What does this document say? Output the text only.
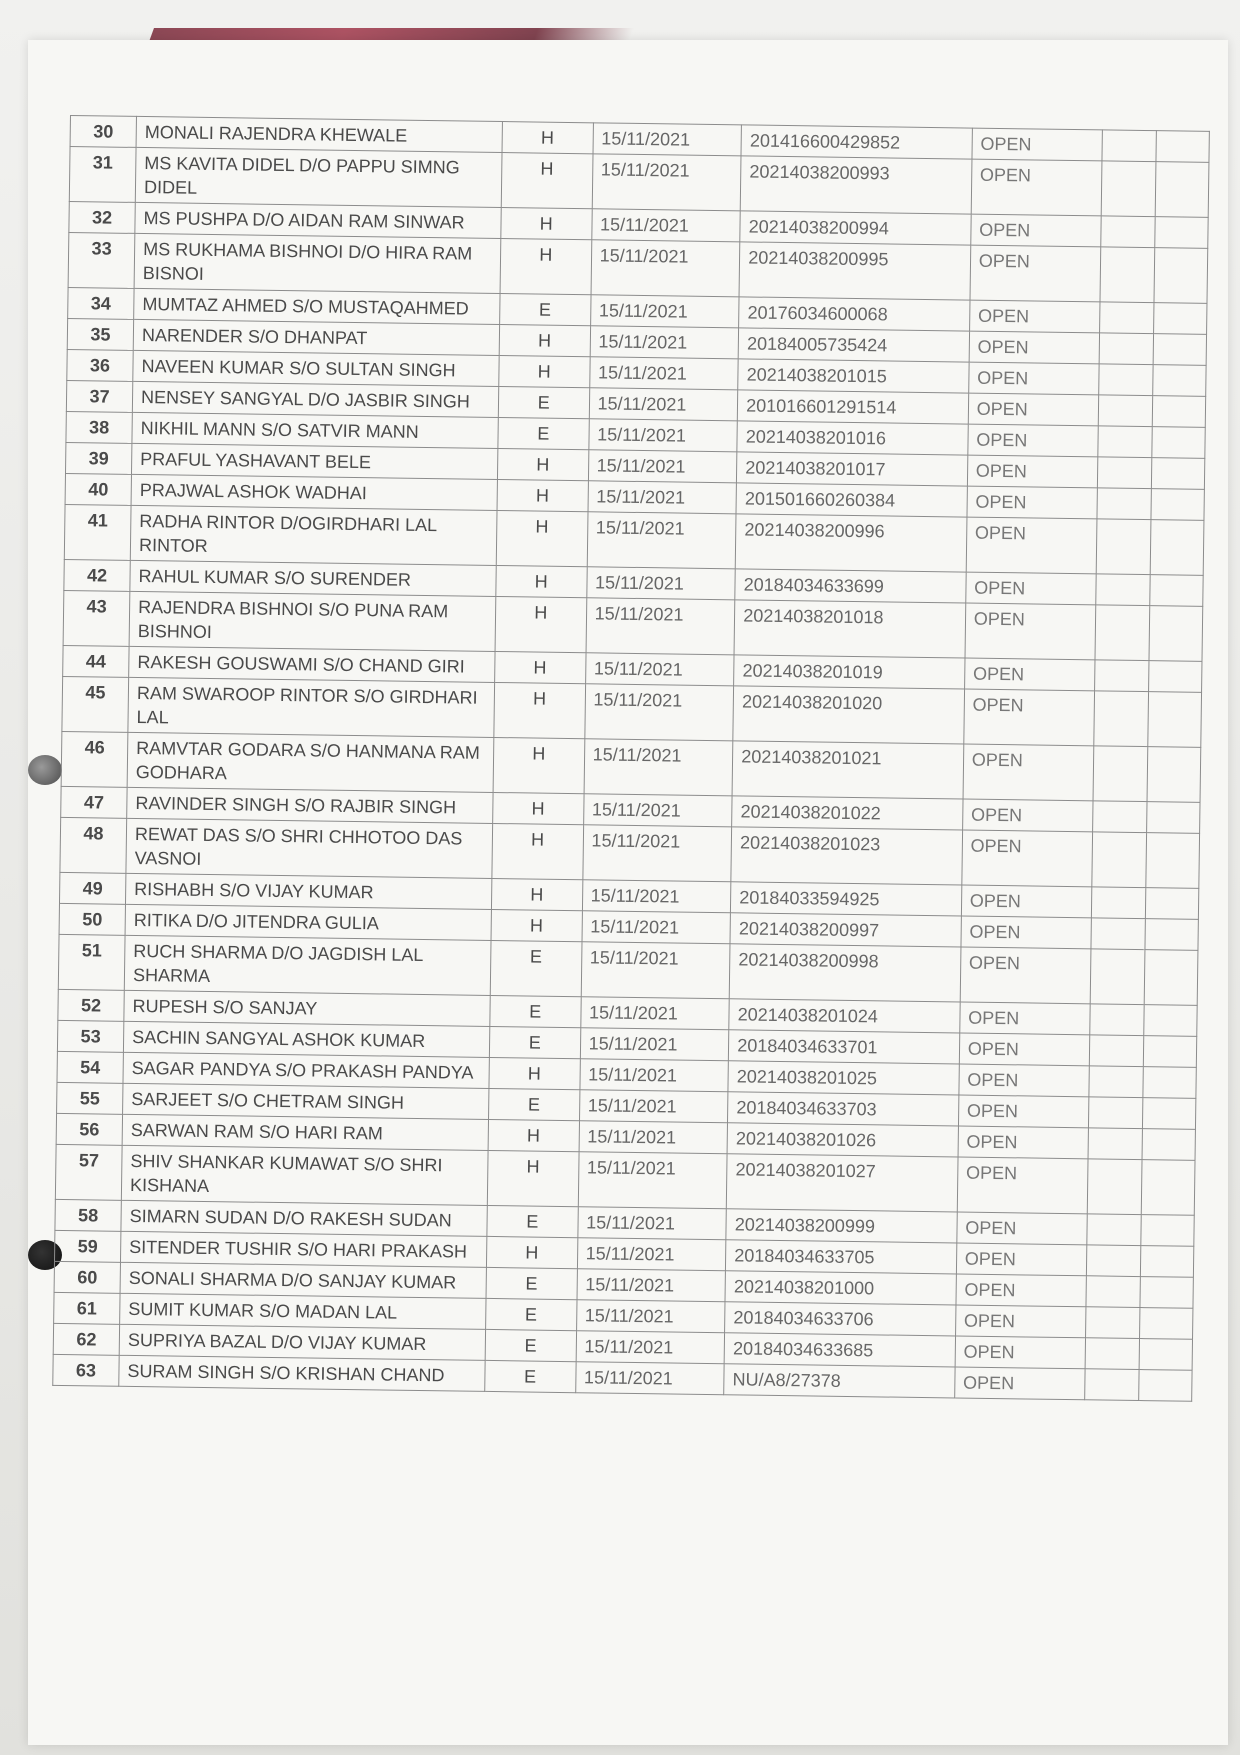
30	MONALI RAJENDRA KHEWALE	H	15/11/2021	201416600429852	OPEN		
31	MS KAVITA DIDEL D/O PAPPU SIMNG DIDEL	H	15/11/2021	20214038200993	OPEN		
32	MS PUSHPA D/O AIDAN RAM SINWAR	H	15/11/2021	20214038200994	OPEN		
33	MS RUKHAMA BISHNOI D/O HIRA RAM BISNOI	H	15/11/2021	20214038200995	OPEN		
34	MUMTAZ AHMED S/O MUSTAQAHMED	E	15/11/2021	20176034600068	OPEN		
35	NARENDER S/O DHANPAT	H	15/11/2021	20184005735424	OPEN		
36	NAVEEN KUMAR S/O SULTAN SINGH	H	15/11/2021	20214038201015	OPEN		
37	NENSEY SANGYAL D/O JASBIR SINGH	E	15/11/2021	201016601291514	OPEN		
38	NIKHIL MANN S/O SATVIR MANN	E	15/11/2021	20214038201016	OPEN		
39	PRAFUL YASHAVANT BELE	H	15/11/2021	20214038201017	OPEN		
40	PRAJWAL ASHOK WADHAI	H	15/11/2021	201501660260384	OPEN		
41	RADHA RINTOR D/OGIRDHARI LAL RINTOR	H	15/11/2021	20214038200996	OPEN		
42	RAHUL KUMAR S/O SURENDER	H	15/11/2021	20184034633699	OPEN		
43	RAJENDRA BISHNOI S/O PUNA RAM BISHNOI	H	15/11/2021	20214038201018	OPEN		
44	RAKESH GOUSWAMI S/O CHAND GIRI	H	15/11/2021	20214038201019	OPEN		
45	RAM SWAROOP RINTOR S/O GIRDHARI LAL	H	15/11/2021	20214038201020	OPEN		
46	RAMVTAR GODARA S/O HANMANA RAM GODHARA	H	15/11/2021	20214038201021	OPEN		
47	RAVINDER SINGH S/O RAJBIR SINGH	H	15/11/2021	20214038201022	OPEN		
48	REWAT DAS S/O SHRI CHHOTOO DAS VASNOI	H	15/11/2021	20214038201023	OPEN		
49	RISHABH S/O VIJAY KUMAR	H	15/11/2021	20184033594925	OPEN		
50	RITIKA D/O JITENDRA GULIA	H	15/11/2021	20214038200997	OPEN		
51	RUCH SHARMA D/O JAGDISH LAL SHARMA	E	15/11/2021	20214038200998	OPEN		
52	RUPESH S/O SANJAY	E	15/11/2021	20214038201024	OPEN		
53	SACHIN SANGYAL ASHOK KUMAR	E	15/11/2021	20184034633701	OPEN		
54	SAGAR PANDYA S/O PRAKASH PANDYA	H	15/11/2021	20214038201025	OPEN		
55	SARJEET S/O CHETRAM SINGH	E	15/11/2021	20184034633703	OPEN		
56	SARWAN RAM S/O HARI RAM	H	15/11/2021	20214038201026	OPEN		
57	SHIV SHANKAR KUMAWAT S/O SHRI KISHANA	H	15/11/2021	20214038201027	OPEN		
58	SIMARN SUDAN D/O RAKESH SUDAN	E	15/11/2021	20214038200999	OPEN		
59	SITENDER TUSHIR S/O HARI PRAKASH	H	15/11/2021	20184034633705	OPEN		
60	SONALI SHARMA D/O SANJAY KUMAR	E	15/11/2021	20214038201000	OPEN		
61	SUMIT KUMAR S/O MADAN LAL	E	15/11/2021	20184034633706	OPEN		
62	SUPRIYA BAZAL D/O VIJAY KUMAR	E	15/11/2021	20184034633685	OPEN		
63	SURAM SINGH S/O KRISHAN CHAND	E	15/11/2021	NU/A8/27378	OPEN		
